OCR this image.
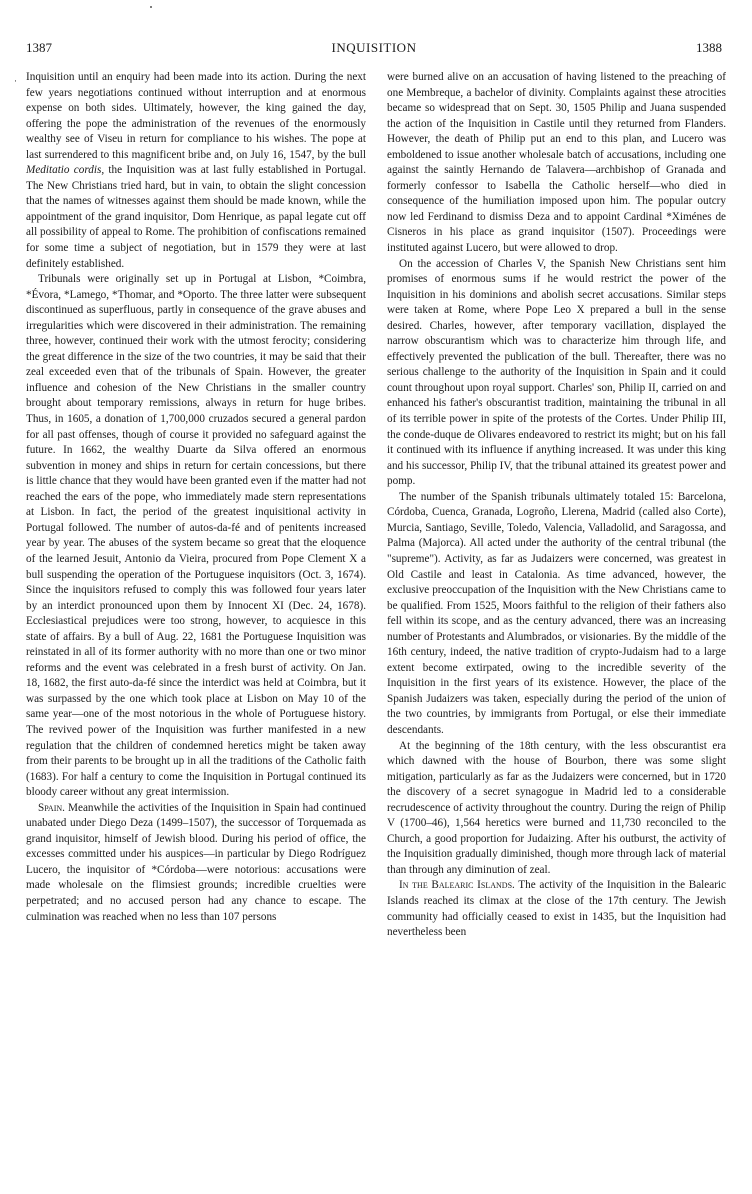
1387	INQUISITION	1388
· Inquisition until an enquiry had been made into its action. During the next few years negotiations continued without interruption and at enormous expense on both sides. Ultimately, however, the king gained the day, offering the pope the administration of the revenues of the enormously wealthy see of Viseu in return for compliance to his wishes. The pope at last surrendered to this magnificent bribe and, on July 16, 1547, by the bull Meditatio cordis, the Inquisition was at last fully established in Portugal. The New Christians tried hard, but in vain, to obtain the slight concession that the names of witnesses against them should be made known, while the appointment of the grand inquisitor, Dom Henrique, as papal legate cut off all possibility of appeal to Rome. The prohibition of confiscations remained for some time a subject of negotiation, but in 1579 they were at last definitely established.

Tribunals were originally set up in Portugal at Lisbon, *Coimbra, *Évora, *Lamego, *Thomar, and *Oporto. The three latter were subsequent discontinued as superfluous, partly in consequence of the grave abuses and irregularities which were discovered in their administration. The remaining three, however, continued their work with the utmost ferocity; considering the great difference in the size of the two countries, it may be said that their zeal exceeded even that of the tribunals of Spain. However, the greater influence and cohesion of the New Christians in the smaller country brought about temporary remissions, always in return for huge bribes. Thus, in 1605, a donation of 1,700,000 cruzados secured a general pardon for all past offenses, though of course it provided no safeguard against the future. In 1662, the wealthy Duarte da Silva offered an enormous subvention in money and ships in return for certain concessions, but there is little chance that they would have been granted even if the matter had not reached the ears of the pope, who immediately made stern representations at Lisbon. In fact, the period of the greatest inquisitional activity in Portugal followed. The number of autos-da-fé and of penitents increased year by year. The abuses of the system became so great that the eloquence of the learned Jesuit, Antonio da Vieira, procured from Pope Clement X a bull suspending the operation of the Portuguese inquisitors (Oct. 3, 1674). Since the inquisitors refused to comply this was followed four years later by an interdict pronounced upon them by Innocent XI (Dec. 24, 1678). Ecclesiastical prejudices were too strong, however, to acquiesce in this state of affairs. By a bull of Aug. 22, 1681 the Portuguese Inquisition was reinstated in all of its former authority with no more than one or two minor reforms and the event was celebrated in a fresh burst of activity. On Jan. 18, 1682, the first auto-da-fé since the interdict was held at Coimbra, but it was surpassed by the one which took place at Lisbon on May 10 of the same year—one of the most notorious in the whole of Portuguese history. The revived power of the Inquisition was further manifested in a new regulation that the children of condemned heretics might be taken away from their parents to be brought up in all the traditions of the Catholic faith (1683). For half a century to come the Inquisition in Portugal continued its bloody career without any great intermission.

Spain. Meanwhile the activities of the Inquisition in Spain had continued unabated under Diego Deza (1499–1507), the successor of Torquemada as grand inquisitor, himself of Jewish blood. During his period of office, the excesses committed under his auspices—in particular by Diego Rodríguez Lucero, the inquisitor of *Córdoba—were notorious: accusations were made wholesale on the flimsiest grounds; incredible cruelties were perpetrated; and no accused person had any chance to escape. The culmination was reached when no less than 107 persons

were burned alive on an accusation of having listened to the preaching of one Membreque, a bachelor of divinity. Complaints against these atrocities became so widespread that on Sept. 30, 1505 Philip and Juana suspended the action of the Inquisition in Castile until they returned from Flanders. However, the death of Philip put an end to this plan, and Lucero was emboldened to issue another wholesale batch of accusations, including one against the saintly Hernando de Talavera—archbishop of Granada and formerly confessor to Isabella the Catholic herself—who died in consequence of the humiliation imposed upon him. The popular outcry now led Ferdinand to dismiss Deza and to appoint Cardinal *Ximénes de Cisneros in his place as grand inquisitor (1507). Proceedings were instituted against Lucero, but were allowed to drop.

On the accession of Charles V, the Spanish New Christians sent him promises of enormous sums if he would restrict the power of the Inquisition in his dominions and abolish secret accusations. Similar steps were taken at Rome, where Pope Leo X prepared a bull in the sense desired. Charles, however, after temporary vacillation, displayed the narrow obscurantism which was to characterize him through life, and effectively prevented the publication of the bull. Thereafter, there was no serious challenge to the authority of the Inquisition in Spain and it could count throughout upon royal support. Charles' son, Philip II, carried on and enhanced his father's obscurantist tradition, maintaining the tribunal in all of its terrible power in spite of the protests of the Cortes. Under Philip III, the conde-duque de Olivares endeavored to restrict its might; but on his fall it continued with its influence if anything increased. It was under this king and his successor, Philip IV, that the tribunal attained its greatest power and pomp.

The number of the Spanish tribunals ultimately totaled 15: Barcelona, Córdoba, Cuenca, Granada, Logroño, Llerena, Madrid (called also Corte), Murcia, Santiago, Seville, Toledo, Valencia, Valladolid, and Saragossa, and Palma (Majorca). All acted under the authority of the central tribunal (the "supreme"). Activity, as far as Judaizers were concerned, was greatest in Old Castile and least in Catalonia. As time advanced, however, the exclusive preoccupation of the Inquisition with the New Christians came to be qualified. From 1525, Moors faithful to the religion of their fathers also fell within its scope, and as the century advanced, there was an increasing number of Protestants and Alumbrados, or visionaries. By the middle of the 16th century, indeed, the native tradition of crypto-Judaism had to a large extent become extirpated, owing to the incredible severity of the Inquisition in the first years of its existence. However, the place of the Spanish Judaizers was taken, especially during the period of the union of the two countries, by immigrants from Portugal, or else their immediate descendants.

At the beginning of the 18th century, with the less obscurantist era which dawned with the house of Bourbon, there was some slight mitigation, particularly as far as the Judaizers were concerned, but in 1720 the discovery of a secret synagogue in Madrid led to a considerable recrudescence of activity throughout the country. During the reign of Philip V (1700–46), 1,564 heretics were burned and 11,730 reconciled to the Church, a good proportion for Judaizing. After his outburst, the activity of the Inquisition gradually diminished, though more through lack of material than through any diminution of zeal.

In the Balearic Islands. The activity of the Inquisition in the Balearic Islands reached its climax at the close of the 17th century. The Jewish community had officially ceased to exist in 1435, but the Inquisition had nevertheless been
